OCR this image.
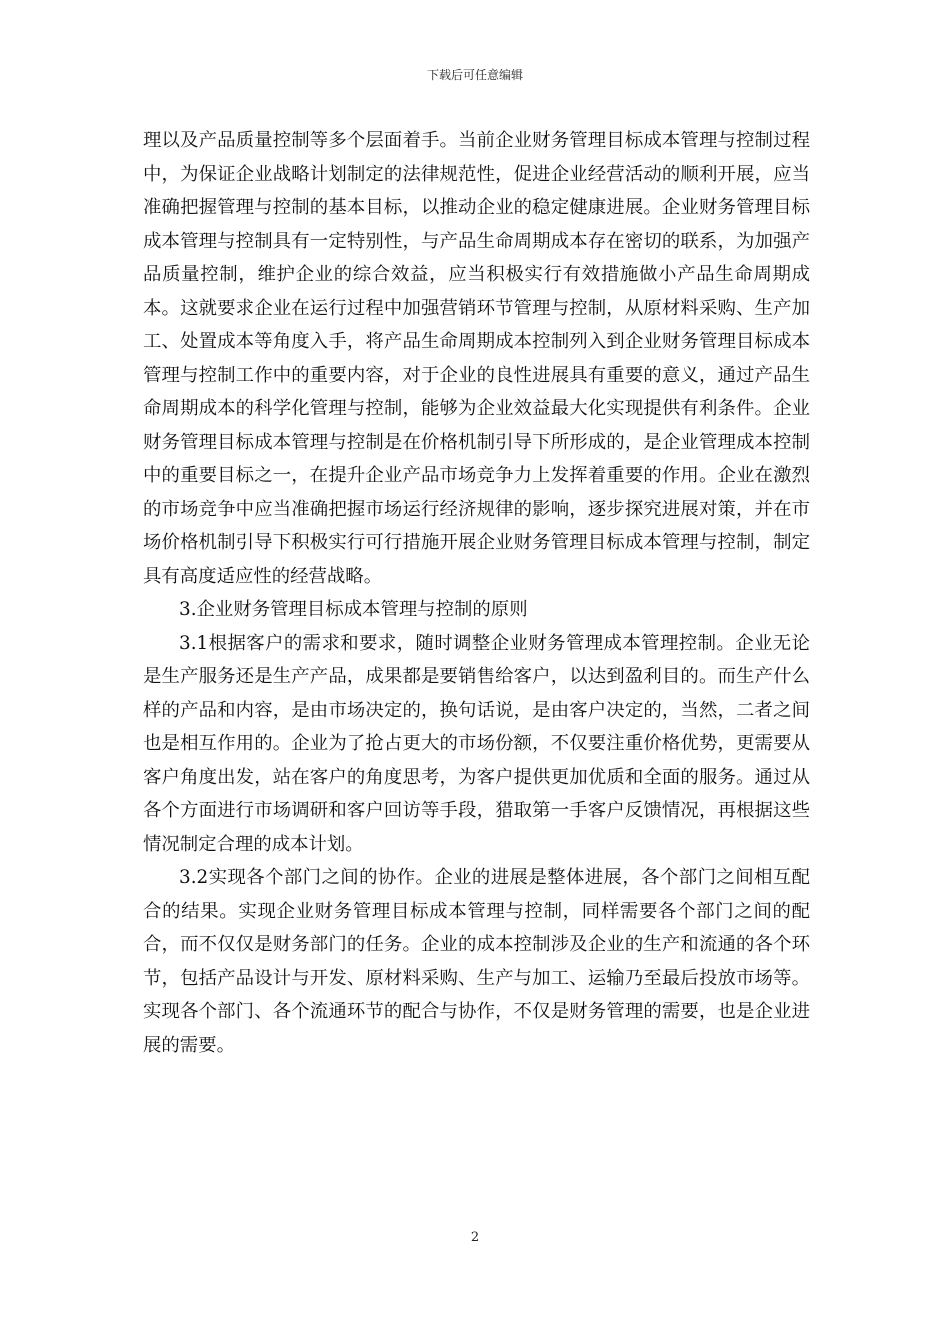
下载后可任意编辑

理以及产品质量控制等多个层面着手。当前企业财务管理目标成本管理与控制过程中，为保证企业战略计划制定的法律规范性，促进企业经营活动的顺利开展，应当准确把握管理与控制的基本目标，以推动企业的稳定健康进展。企业财务管理目标成本管理与控制具有一定特别性，与产品生命周期成本存在密切的联系，为加强产品质量控制，维护企业的综合效益，应当积极实行有效措施做小产品生命周期成本。这就要求企业在运行过程中加强营销环节管理与控制，从原材料采购、生产加工、处置成本等角度入手，将产品生命周期成本控制列入到企业财务管理目标成本管理与控制工作中的重要内容，对于企业的良性进展具有重要的意义，通过产品生命周期成本的科学化管理与控制，能够为企业效益最大化实现提供有利条件。企业财务管理目标成本管理与控制是在价格机制引导下所形成的，是企业管理成本控制中的重要目标之一，在提升企业产品市场竞争力上发挥着重要的作用。企业在激烈的市场竞争中应当准确把握市场运行经济规律的影响，逐步探究进展对策，并在市场价格机制引导下积极实行可行措施开展企业财务管理目标成本管理与控制，制定具有高度适应性的经营战略。

3.企业财务管理目标成本管理与控制的原则

3.1根据客户的需求和要求，随时调整企业财务管理成本管理控制。企业无论是生产服务还是生产产品，成果都是要销售给客户，以达到盈利目的。而生产什么样的产品和内容，是由市场决定的，换句话说，是由客户决定的，当然，二者之间也是相互作用的。企业为了抢占更大的市场份额，不仅要注重价格优势，更需要从客户角度出发，站在客户的角度思考，为客户提供更加优质和全面的服务。通过从各个方面进行市场调研和客户回访等手段，猎取第一手客户反馈情况，再根据这些情况制定合理的成本计划。

3.2实现各个部门之间的协作。企业的进展是整体进展，各个部门之间相互配合的结果。实现企业财务管理目标成本管理与控制，同样需要各个部门之间的配合，而不仅仅是财务部门的任务。企业的成本控制涉及企业的生产和流通的各个环节，包括产品设计与开发、原材料采购、生产与加工、运输乃至最后投放市场等。实现各个部门、各个流通环节的配合与协作，不仅是财务管理的需要，也是企业进展的需要。

2
